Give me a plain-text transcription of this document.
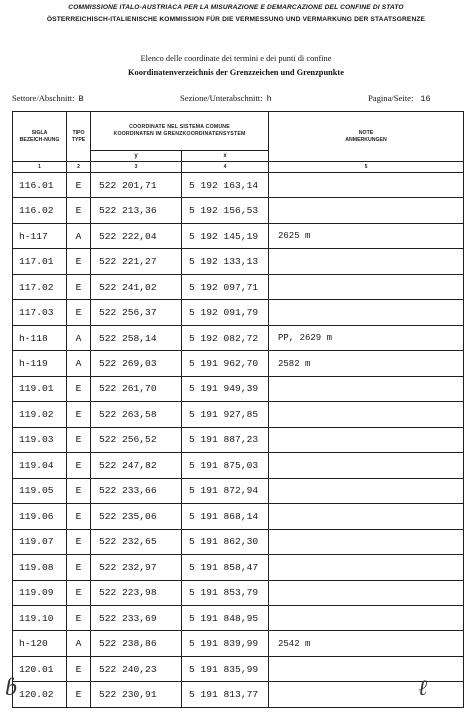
COMMISSIONE ITALO-AUSTRIACA PER LA MISURAZIONE E DEMARCAZIONE DEL CONFINE DI STATO
ÖSTERREICHISCH-ITALIENISCHE KOMMISSION FÜR DIE VERMESSUNG UND VERMARKUNG DER STAATSGRENZE
Elenco delle coordinate dei termini e dei punti di confine
Koordinatenverzeichnis der Grenzzeichen und Grenzpunkte
Settore/Abschnitt: B	Sezione/Unterabschnitt: h	Pagina/Seite: 16
SIGLA
BEZEICH-NUNG	TIPO
TYPE	COORDINATE NEL SISTEMA COMUNE
KOORDINATEN IM GRENZKOORDINATENSYSTEM		NOTE
ANMERKUNGEN
		y	x	
1	2	3	4	5
116.01	E	522 201,71	5 192 163,14	
116.02	E	522 213,36	5 192 156,53	
h-117	A	522 222,04	5 192 145,19	2625 m
117.01	E	522 221,27	5 192 133,13	
117.02	E	522 241,02	5 192 097,71	
117.03	E	522 256,37	5 192 091,79	
h-118	A	522 258,14	5 192 082,72	PP, 2629 m
h-119	A	522 269,03	5 191 962,70	2582 m
119.01	E	522 261,70	5 191 949,39	
119.02	E	522 263,58	5 191 927,85	
119.03	E	522 256,52	5 191 887,23	
119.04	E	522 247,82	5 191 875,03	
119.05	E	522 233,66	5 191 872,94	
119.06	E	522 235,06	5 191 868,14	
119.07	E	522 232,65	5 191 862,30	
119.08	E	522 232,97	5 191 858,47	
119.09	E	522 223,98	5 191 853,79	
119.10	E	522 233,69	5 191 848,95	
h-120	A	522 238,86	5 191 839,99	2542 m
120.01	E	522 240,23	5 191 835,99	
120.02	E	522 230,91	5 191 813,77	
ɓ	ℓ
